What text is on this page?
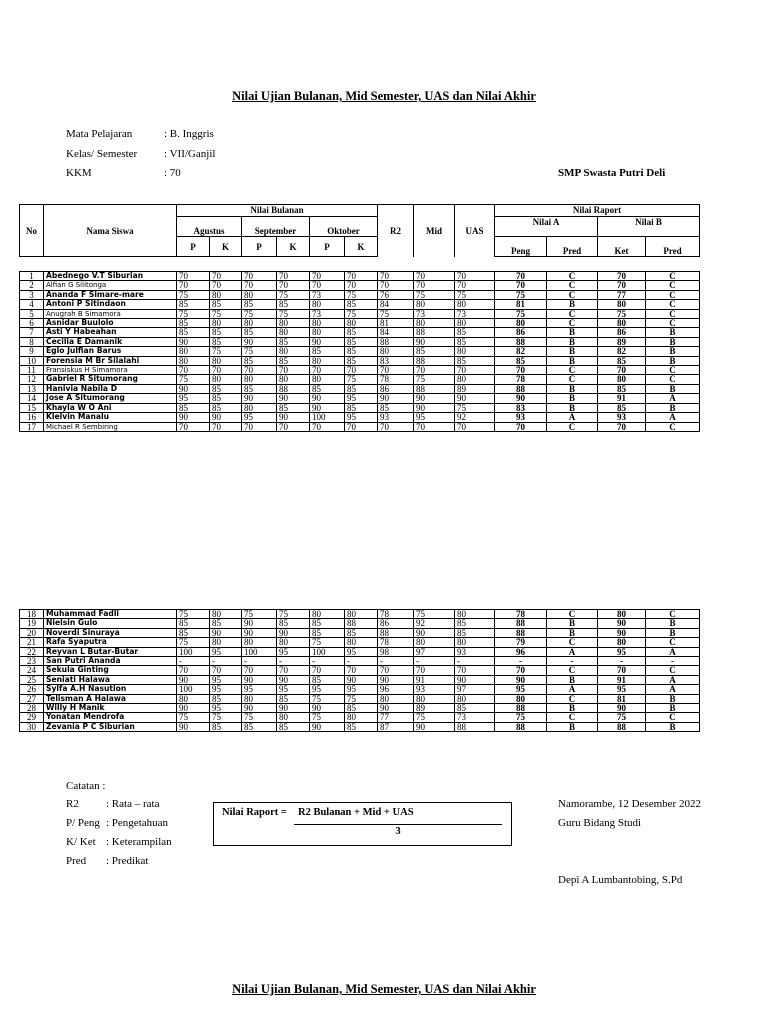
Nilai Ujian Bulanan, Mid Semester, UAS dan Nilai Akhir
Mata Pelajaran	: B. Inggris
Kelas/ Semester : VII/Ganjil
KKM	: 70	SMP Swasta Putri Deli
No	Nama Siswa	Nilai Bulanan						R2	Mid	UAS	Nilai Raport			
		Agustus		September		Oktober					Nilai A		Nilai B	
		P	K	P	K	P	K				Peng	Pred	Ket	Pred
1	Abednego V.T Siburian	70	70	70	70	70	70	70	70	70	70	C	70	C
2	Alfian G Silitonga	70	70	70	70	70	70	70	70	70	70	C	70	C
3	Ananda F Simare-mare	75	80	80	75	73	75	76	75	75	75	C	77	C
4	Antoni P Sitindaon	85	85	85	85	80	85	84	80	80	81	B	80	C
5	Anugrah B Simamora	75	75	75	75	73	75	75	73	73	75	C	75	C
6	Asnidar Buulolo	85	80	80	80	80	80	81	80	80	80	C	80	C
7	Asti Y Habeahan	85	85	85	80	80	85	84	88	85	86	B	86	B
8	Cecilia E Damanik	90	85	90	85	90	85	88	90	85	88	B	89	B
9	Eglo Julfian Barus	80	75	75	80	85	85	80	85	80	82	B	82	B
10	Forensia M Br Silalahi	80	80	85	85	80	85	83	88	85	85	B	85	B
11	Fransiskus H Simamora	70	70	70	70	70	70	70	70	70	70	C	70	C
12	Gabriel R Situmorang	75	80	80	80	80	75	78	75	80	78	C	80	C
13	Hanivia Nabila D	90	85	85	88	85	85	86	88	89	88	B	85	B
14	Jose A Situmorang	95	85	90	90	90	95	90	90	90	90	B	91	A
15	Khayla W O Ani	85	85	80	85	90	85	85	90	75	83	B	85	B
16	Klelvin Manalu	90	90	95	90	100	95	93	95	92	93	A	93	A
17	Michael R Sembiring	70	70	70	70	70	70	70	70	70	70	C	70	C
18	Muhammad Fadli	75	80	75	75	80	80	78	75	80	78	C	80	C
19	Nielsin Gulo	85	85	90	85	85	88	86	92	85	88	B	90	B
20	Noverdi Sinuraya	85	90	90	90	85	85	88	90	85	88	B	90	B
21	Rafa Syaputra	75	80	80	80	75	80	78	80	80	79	C	80	C
22	Reyvan L Butar-Butar	100	95	100	95	100	95	98	97	93	96	A	95	A
23	San Putri Ananda	-	-	-	-	-	-	-	-	-	-	-	-	-
24	Sekula Ginting	70	70	70	70	70	70	70	70	70	70	C	70	C
25	Seniati Halawa	90	95	90	90	85	90	90	91	90	90	B	91	A
26	Sylfa A.H Nasution	100	95	95	95	95	95	96	93	97	95	A	95	A
27	Telisman A Halawa	80	85	80	85	75	75	80	80	80	80	C	81	B
28	Willy H Manik	90	95	90	90	90	85	90	89	85	88	B	90	B
29	Yonatan Mendrofa	75	75	75	80	75	80	77	75	73	75	C	75	C
30	Zevania P C Siburian	90	85	85	85	90	85	87	90	88	88	B	88	B
Catatan :
R2 : Rata – rata
P/ Peng : Pengetahuan
K/ Ket : Keterampilan
Pred : Predikat
Nilai Raport = R2 Bulanan + Mid + UAS
3
Namorambe, 12 Desember 2022
Guru Bidang Studi
Depi A Lumbantobing, S.Pd
Nilai Ujian Bulanan, Mid Semester, UAS dan Nilai Akhir
